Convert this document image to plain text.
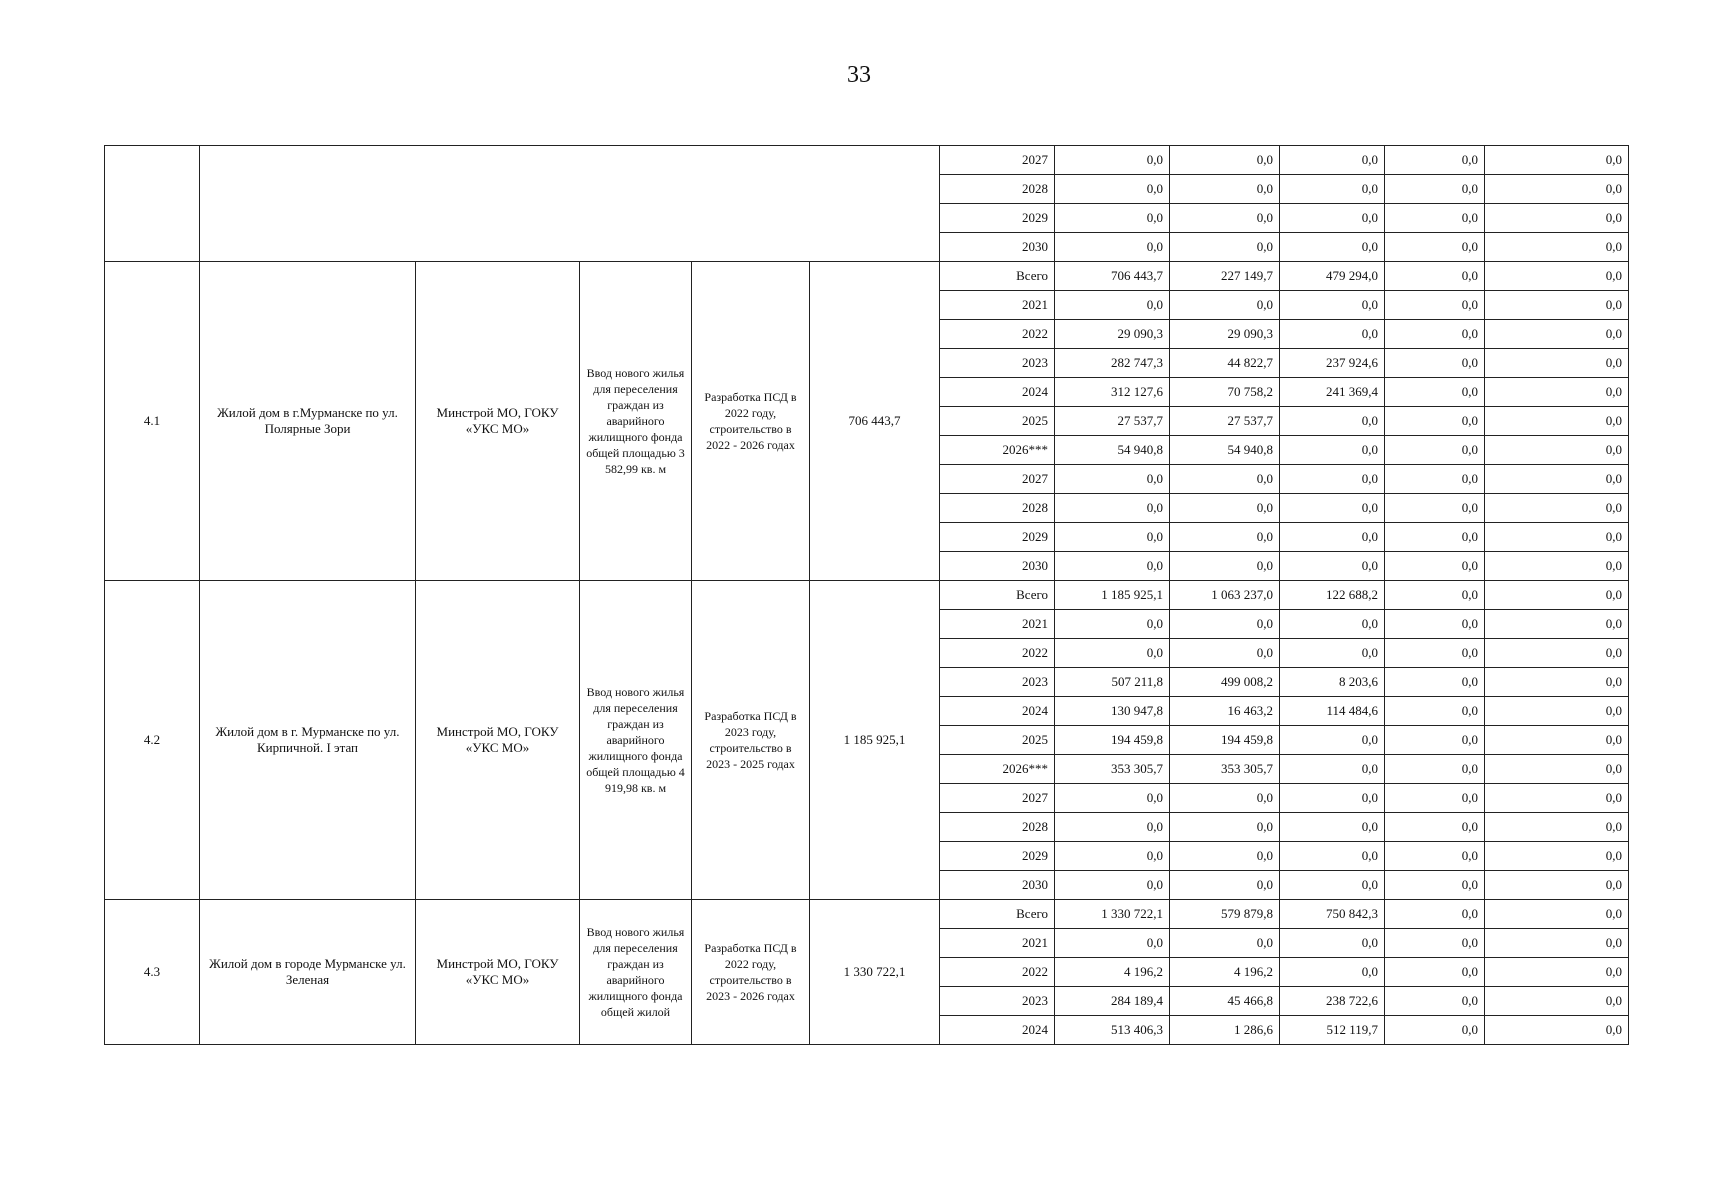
33
						2027	0,0	0,0	0,0	0,0	0,0
						2028	0,0	0,0	0,0	0,0	0,0
						2029	0,0	0,0	0,0	0,0	0,0
						2030	0,0	0,0	0,0	0,0	0,0
4.1	Жилой дом в г.Мурманске по ул. Полярные Зори	Минстрой МО, ГОКУ «УКС МО»	Ввод нового жилья для переселения граждан из аварийного жилищного фонда общей площадью 3 582,99 кв. м	Разработка ПСД в 2022 году, строительство в 2022 - 2026 годах	706 443,7	Всего	706 443,7	227 149,7	479 294,0	0,0	0,0
						2021	0,0	0,0	0,0	0,0	0,0
						2022	29 090,3	29 090,3	0,0	0,0	0,0
						2023	282 747,3	44 822,7	237 924,6	0,0	0,0
						2024	312 127,6	70 758,2	241 369,4	0,0	0,0
						2025	27 537,7	27 537,7	0,0	0,0	0,0
						2026***	54 940,8	54 940,8	0,0	0,0	0,0
						2027	0,0	0,0	0,0	0,0	0,0
						2028	0,0	0,0	0,0	0,0	0,0
						2029	0,0	0,0	0,0	0,0	0,0
						2030	0,0	0,0	0,0	0,0	0,0
4.2	Жилой дом в г. Мурманске по ул. Кирпичной. I этап	Минстрой МО, ГОКУ «УКС МО»	Ввод нового жилья для переселения граждан из аварийного жилищного фонда общей площадью 4 919,98 кв. м	Разработка ПСД в 2023 году, строительство в 2023 - 2025 годах	1 185 925,1	Всего	1 185 925,1	1 063 237,0	122 688,2	0,0	0,0
						2021	0,0	0,0	0,0	0,0	0,0
						2022	0,0	0,0	0,0	0,0	0,0
						2023	507 211,8	499 008,2	8 203,6	0,0	0,0
						2024	130 947,8	16 463,2	114 484,6	0,0	0,0
						2025	194 459,8	194 459,8	0,0	0,0	0,0
						2026***	353 305,7	353 305,7	0,0	0,0	0,0
						2027	0,0	0,0	0,0	0,0	0,0
						2028	0,0	0,0	0,0	0,0	0,0
						2029	0,0	0,0	0,0	0,0	0,0
						2030	0,0	0,0	0,0	0,0	0,0
4.3	Жилой дом в городе Мурманске ул. Зеленая	Минстрой МО, ГОКУ «УКС МО»	Ввод нового жилья для переселения граждан из аварийного жилищного фонда общей жилой	Разработка ПСД в 2022 году, строительство в 2023 - 2026 годах	1 330 722,1	Всего	1 330 722,1	579 879,8	750 842,3	0,0	0,0
						2021	0,0	0,0	0,0	0,0	0,0
						2022	4 196,2	4 196,2	0,0	0,0	0,0
						2023	284 189,4	45 466,8	238 722,6	0,0	0,0
						2024	513 406,3	1 286,6	512 119,7	0,0	0,0
